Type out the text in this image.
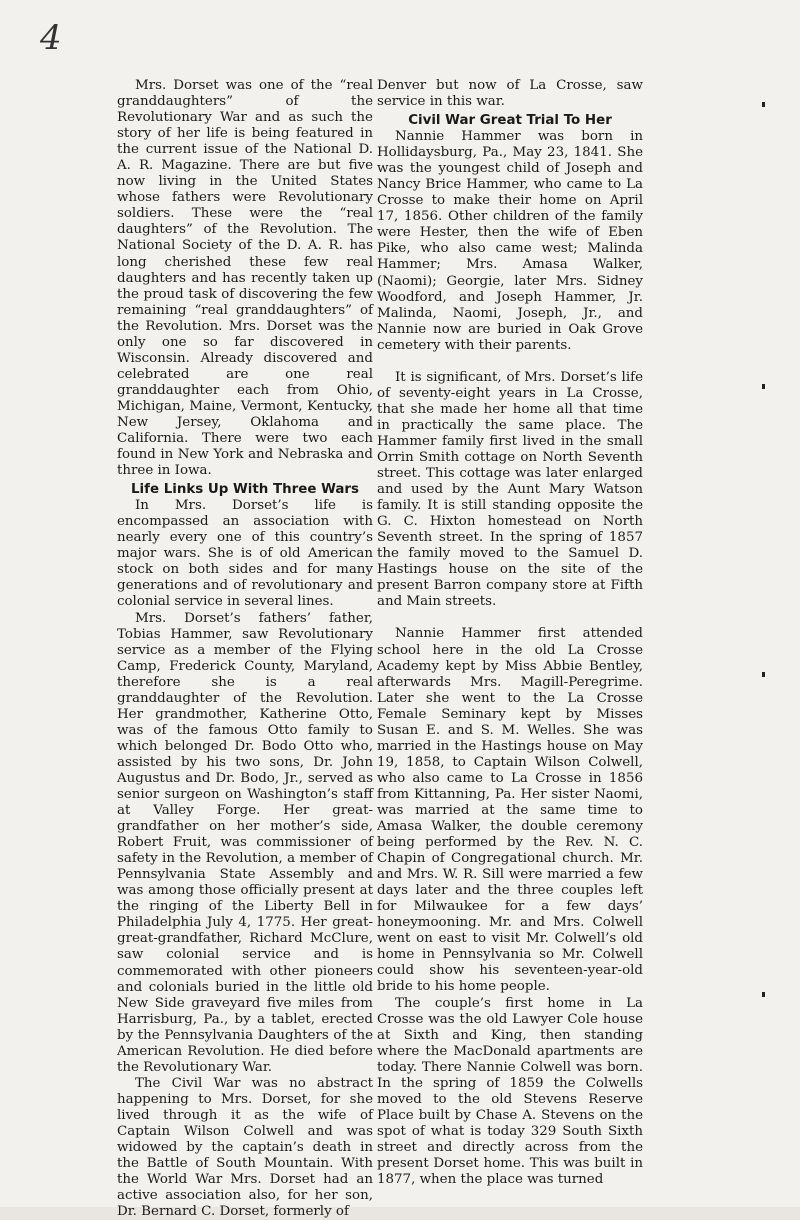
4

Mrs. Dorset was one of the “real granddaughters” of the Revolutionary War and as such the story of her life is being featured in the current issue of the National D. A. R. Magazine. There are but five now living in the United States whose fathers were Revolutionary soldiers. These were the “real daughters” of the Revolution. The National Society of the D. A. R. has long cherished these few real daughters and has recently taken up the proud task of discovering the few remaining “real granddaughters” of the Revolution. Mrs. Dorset was the only one so far discovered in Wisconsin. Already discovered and celebrated are one real granddaughter each from Ohio, Michigan, Maine, Vermont, Kentucky, New Jersey, Oklahoma and California. There were two each found in New York and Nebraska and three in Iowa.

Life Links Up With Three Wars

In Mrs. Dorset’s life is encompassed an association with nearly every one of this country’s major wars. She is of old American stock on both sides and for many generations and of revolutionary and colonial service in several lines.

Mrs. Dorset’s fathers’ father, Tobias Hammer, saw Revolutionary service as a member of the Flying Camp, Frederick County, Maryland, therefore she is a real granddaughter of the Revolution. Her grandmother, Katherine Otto, was of the famous Otto family to which belonged Dr. Bodo Otto who, assisted by his two sons, Dr. John Augustus and Dr. Bodo, Jr., served as senior surgeon on Washington’s staff at Valley Forge. Her great-grandfather on her mother’s side, Robert Fruit, was commissioner of safety in the Revolution, a member of Pennsylvania State Assembly and was among those officially present at the ringing of the Liberty Bell in Philadelphia July 4, 1775. Her great-great-grandfather, Richard McClure, saw colonial service and is commemorated with other pioneers and colonials buried in the little old New Side graveyard five miles from Harrisburg, Pa., by a tablet, erected by the Pennsylvania Daughters of the American Revolution. He died before the Revolutionary War.

The Civil War was no abstract happening to Mrs. Dorset, for she lived through it as the wife of Captain Wilson Colwell and was widowed by the captain’s death in the Battle of South Mountain. With the World War Mrs. Dorset had an active association also, for her son, Dr. Bernard C. Dorset, formerly of

Denver but now of La Crosse, saw service in this war.

Civil War Great Trial To Her

Nannie Hammer was born in Hollidaysburg, Pa., May 23, 1841. She was the youngest child of Joseph and Nancy Brice Hammer, who came to La Crosse to make their home on April 17, 1856. Other children of the family were Hester, then the wife of Eben Pike, who also came west; Malinda Hammer; Mrs. Amasa Walker, (Naomi); Georgie, later Mrs. Sidney Woodford, and Joseph Hammer, Jr. Malinda, Naomi, Joseph, Jr., and Nannie now are buried in Oak Grove cemetery with their parents.

It is significant, of Mrs. Dorset’s life of seventy-eight years in La Crosse, that she made her home all that time in practically the same place. The Hammer family first lived in the small Orrin Smith cottage on North Seventh street. This cottage was later enlarged and used by the Aunt Mary Watson family. It is still standing opposite the G. C. Hixton homestead on North Seventh street. In the spring of 1857 the family moved to the Samuel D. Hastings house on the site of the present Barron company store at Fifth and Main streets.

Nannie Hammer first attended school here in the old La Crosse Academy kept by Miss Abbie Bentley, afterwards Mrs. Magill-Peregrime. Later she went to the La Crosse Female Seminary kept by Misses Susan E. and S. M. Welles. She was married in the Hastings house on May 19, 1858, to Captain Wilson Colwell, who also came to La Crosse in 1856 from Kittanning, Pa. Her sister Naomi, was married at the same time to Amasa Walker, the double ceremony being performed by the Rev. N. C. Chapin of Congregational church. Mr. and Mrs. W. R. Sill were married a few days later and the three couples left for Milwaukee for a few days’ honeymooning. Mr. and Mrs. Colwell went on east to visit Mr. Colwell’s old home in Pennsylvania so Mr. Colwell could show his seventeen-year-old bride to his home people.

The couple’s first home in La Crosse was the old Lawyer Cole house at Sixth and King, then standing where the MacDonald apartments are today. There Nannie Colwell was born. In the spring of 1859 the Colwells moved to the old Stevens Reserve Place built by Chase A. Stevens on the spot of what is today 329 South Sixth street and directly across from the present Dorset home. This was built in 1877, when the place was turned
